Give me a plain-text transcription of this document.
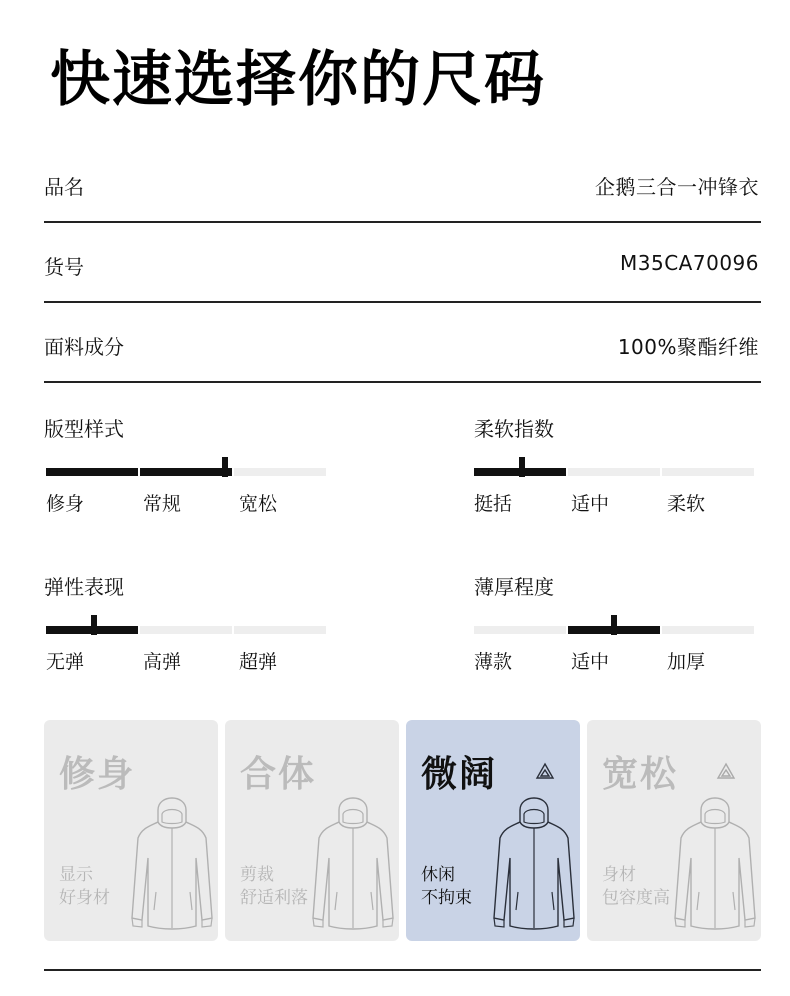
快速选择你的尺码
品名	企鹅三合一冲锋衣
货号	M35CA70096
面料成分	100%聚酯纤维
版型样式
修身	常规	宽松
柔软指数
挺括	适中	柔软
弹性表现
无弹	高弹	超弹
薄厚程度
薄款	适中	加厚
修身
显示
好身材
合体
剪裁
舒适利落
微阔
休闲
不拘束
宽松
身材
包容度高
